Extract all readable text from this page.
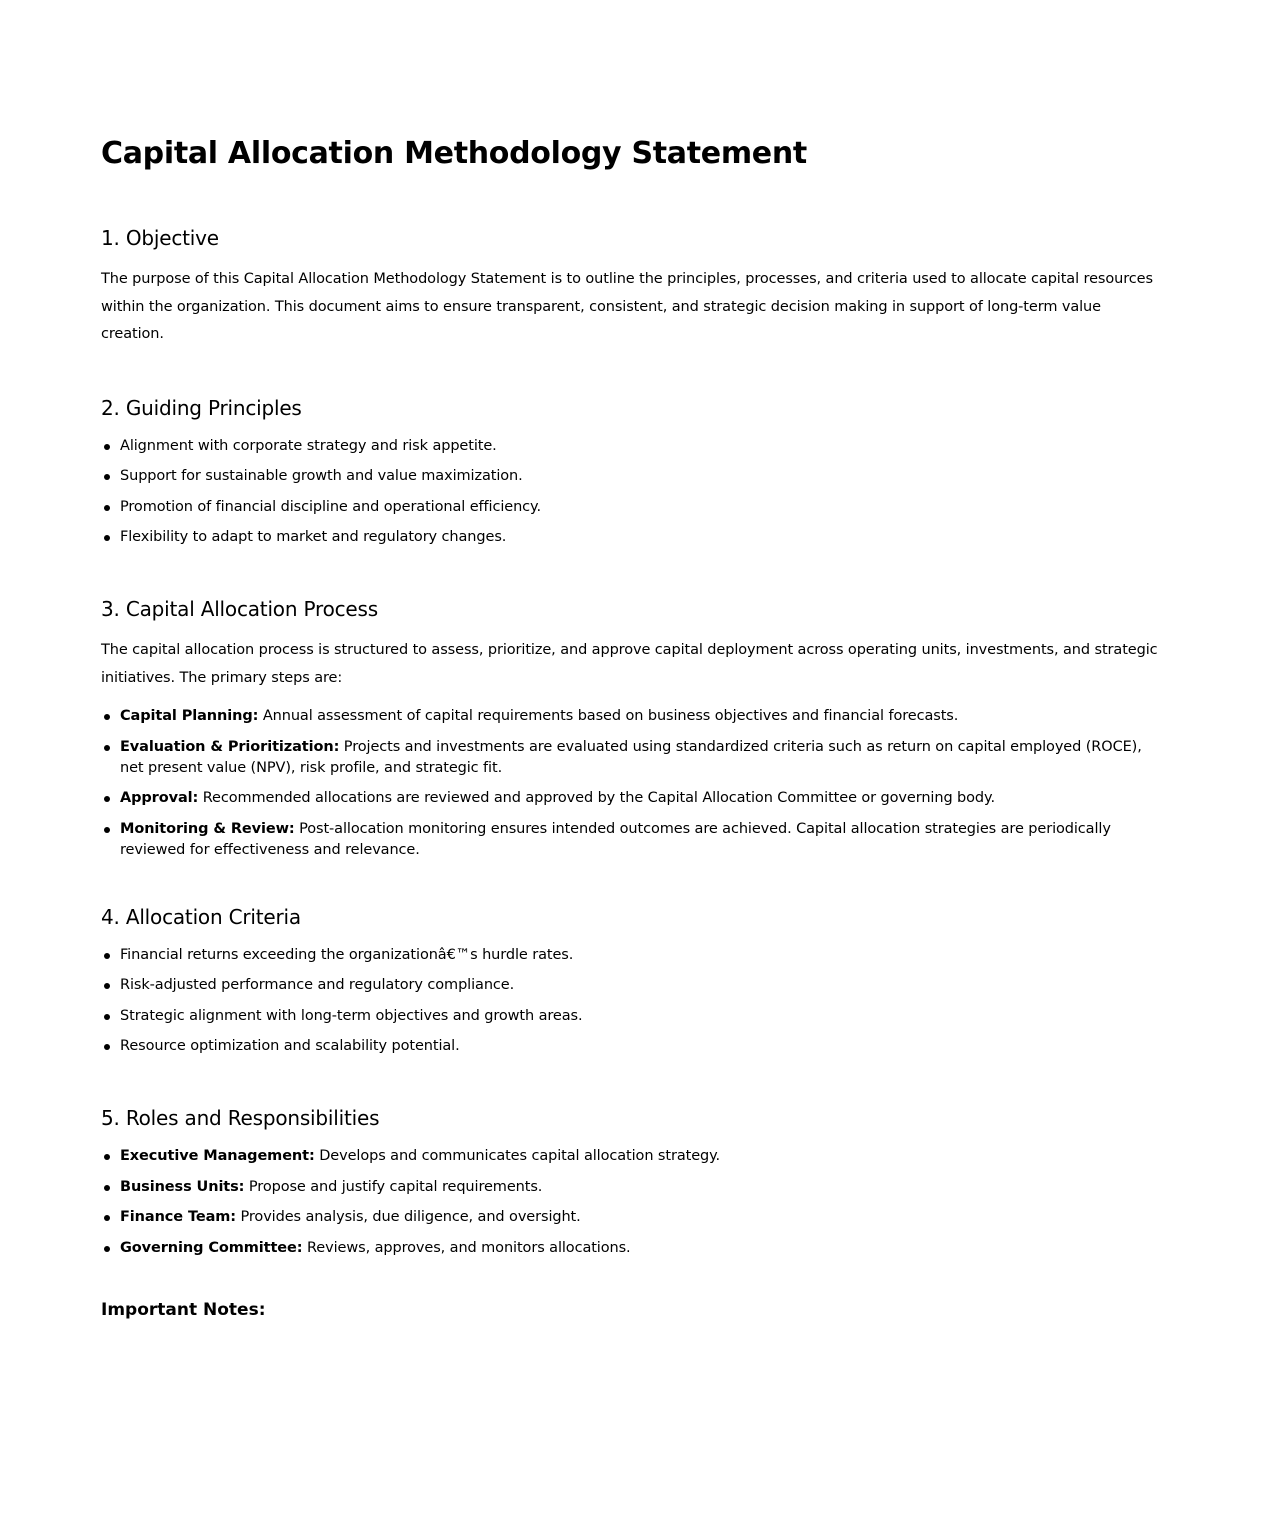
Capital Allocation Methodology Statement
1. Objective

The purpose of this Capital Allocation Methodology Statement is to outline the principles, processes, and criteria used to allocate capital resources within the organization. This document aims to ensure transparent, consistent, and strategic decision making in support of long-term value creation.

2. Guiding Principles
Alignment with corporate strategy and risk appetite.
Support for sustainable growth and value maximization.
Promotion of financial discipline and operational efficiency.
Flexibility to adapt to market and regulatory changes.
3. Capital Allocation Process

The capital allocation process is structured to assess, prioritize, and approve capital deployment across operating units, investments, and strategic initiatives. The primary steps are:

Capital Planning: Annual assessment of capital requirements based on business objectives and financial forecasts.
Evaluation & Prioritization: Projects and investments are evaluated using standardized criteria such as return on capital employed (ROCE), net present value (NPV), risk profile, and strategic fit.
Approval: Recommended allocations are reviewed and approved by the Capital Allocation Committee or governing body.
Monitoring & Review: Post-allocation monitoring ensures intended outcomes are achieved. Capital allocation strategies are periodically reviewed for effectiveness and relevance.
4. Allocation Criteria
Financial returns exceeding the organizationâ€™s hurdle rates.
Risk-adjusted performance and regulatory compliance.
Strategic alignment with long-term objectives and growth areas.
Resource optimization and scalability potential.
5. Roles and Responsibilities
Executive Management: Develops and communicates capital allocation strategy.
Business Units: Propose and justify capital requirements.
Finance Team: Provides analysis, due diligence, and oversight.
Governing Committee: Reviews, approves, and monitors allocations.
Important Notes:
